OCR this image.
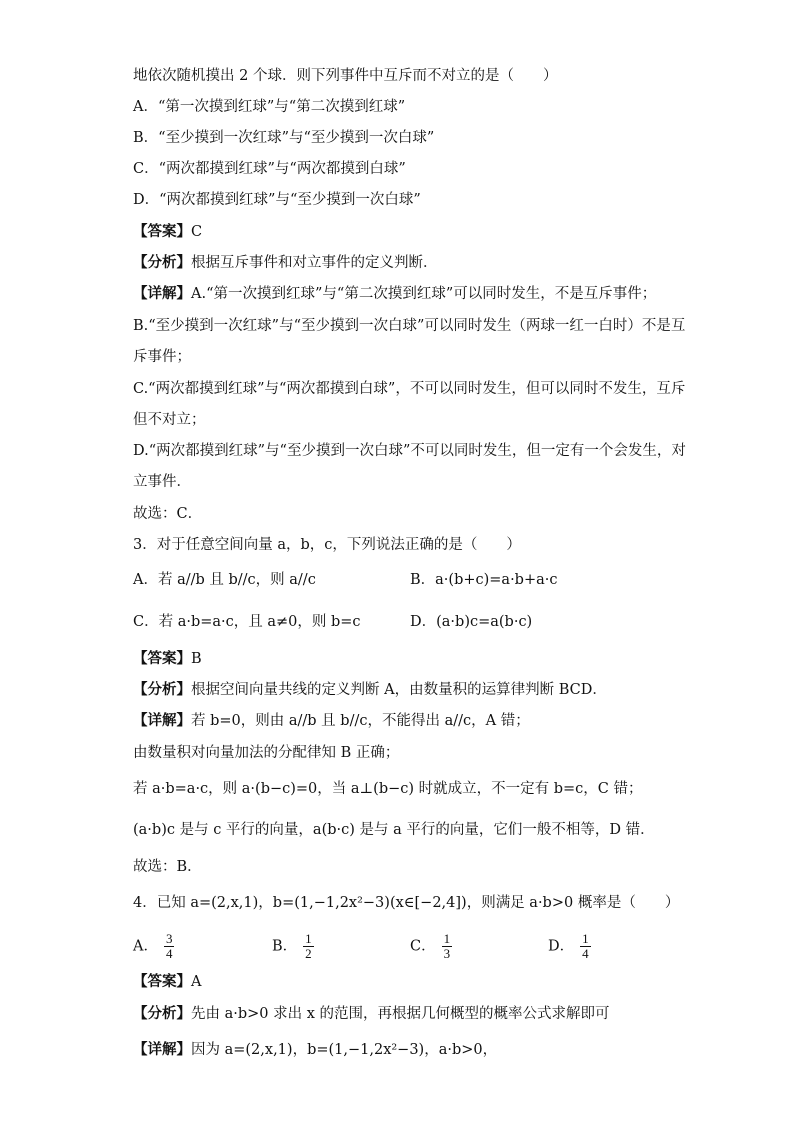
地依次随机摸出 2 个球．则下列事件中互斥而不对立的是（　　）
A．“第一次摸到红球”与“第二次摸到红球”
B．“至少摸到一次红球”与“至少摸到一次白球”
C．“两次都摸到红球”与“两次都摸到白球”
D．“两次都摸到红球”与“至少摸到一次白球”
【答案】C
【分析】根据互斥事件和对立事件的定义判断．
【详解】A.“第一次摸到红球”与“第二次摸到红球”可以同时发生，不是互斥事件；
B.“至少摸到一次红球”与“至少摸到一次白球”可以同时发生（两球一红一白时）不是互
斥事件；
C.“两次都摸到红球”与“两次都摸到白球”，不可以同时发生，但可以同时不发生，互斥
但不对立；
D.“两次都摸到红球”与“至少摸到一次白球”不可以同时发生，但一定有一个会发生，对
立事件．
故选：C．
3．对于任意空间向量 a，b，c，下列说法正确的是（　　）
A．若 a//b 且 b//c，则 a//c	B．a·(b+c)=a·b+a·c
C．若 a·b=a·c，且 a≠0，则 b=c	D．(a·b)c=a(b·c)
【答案】B
【分析】根据空间向量共线的定义判断 A，由数量积的运算律判断 BCD．
【详解】若 b=0，则由 a//b 且 b//c，不能得出 a//c，A 错；
由数量积对向量加法的分配律知 B 正确；
若 a·b=a·c，则 a·(b−c)=0，当 a⊥(b−c) 时就成立，不一定有 b=c，C 错；
(a·b)c 是与 c 平行的向量，a(b·c) 是与 a 平行的向量，它们一般不相等，D 错．
故选：B．
4．已知 a=(2,x,1)，b=(1,−1,2x²−3)(x∈[−2,4])，则满足 a·b>0 概率是（　　）
A． $\frac{3}{4}$	B． $\frac{1}{2}$	C． $\frac{1}{3}$	D． $\frac{1}{4}$
【答案】A
【分析】先由 a·b>0 求出 x 的范围，再根据几何概型的概率公式求解即可
【详解】因为 a=(2,x,1)，b=(1,−1,2x²−3)，a·b>0，
